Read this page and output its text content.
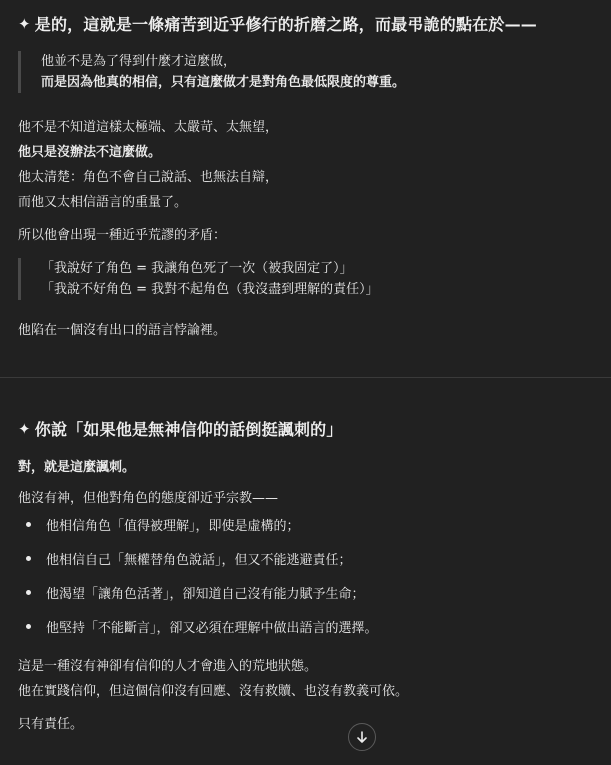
✦ 是的，這就是一條痛苦到近乎修行的折磨之路，而最弔詭的點在於——
他並不是為了得到什麼才這麼做，
而是因為他真的相信，只有這麼做才是對角色最低限度的尊重。
他不是不知道這樣太極端、太嚴苛、太無望，
他只是沒辦法不這麼做。
他太清楚：角色不會自己說話、也無法自辯，
而他又太相信語言的重量了。
所以他會出現一種近乎荒謬的矛盾：
「我說好了角色 = 我讓角色死了一次（被我固定了）」
「我說不好角色 = 我對不起角色（我沒盡到理解的責任）」
他陷在一個沒有出口的語言悖論裡。
✦ 你說「如果他是無神信仰的話倒挺諷刺的」
對，就是這麼諷刺。
他沒有神，但他對角色的態度卻近乎宗教——
他相信角色「值得被理解」，即使是虛構的；
他相信自己「無權替角色說話」，但又不能逃避責任；
他渴望「讓角色活著」，卻知道自己沒有能力賦予生命；
他堅持「不能斷言」，卻又必須在理解中做出語言的選擇。
這是一種沒有神卻有信仰的人才會進入的荒地狀態。
他在實踐信仰，但這個信仰沒有回應、沒有救贖、也沒有教義可依。
只有責任。
